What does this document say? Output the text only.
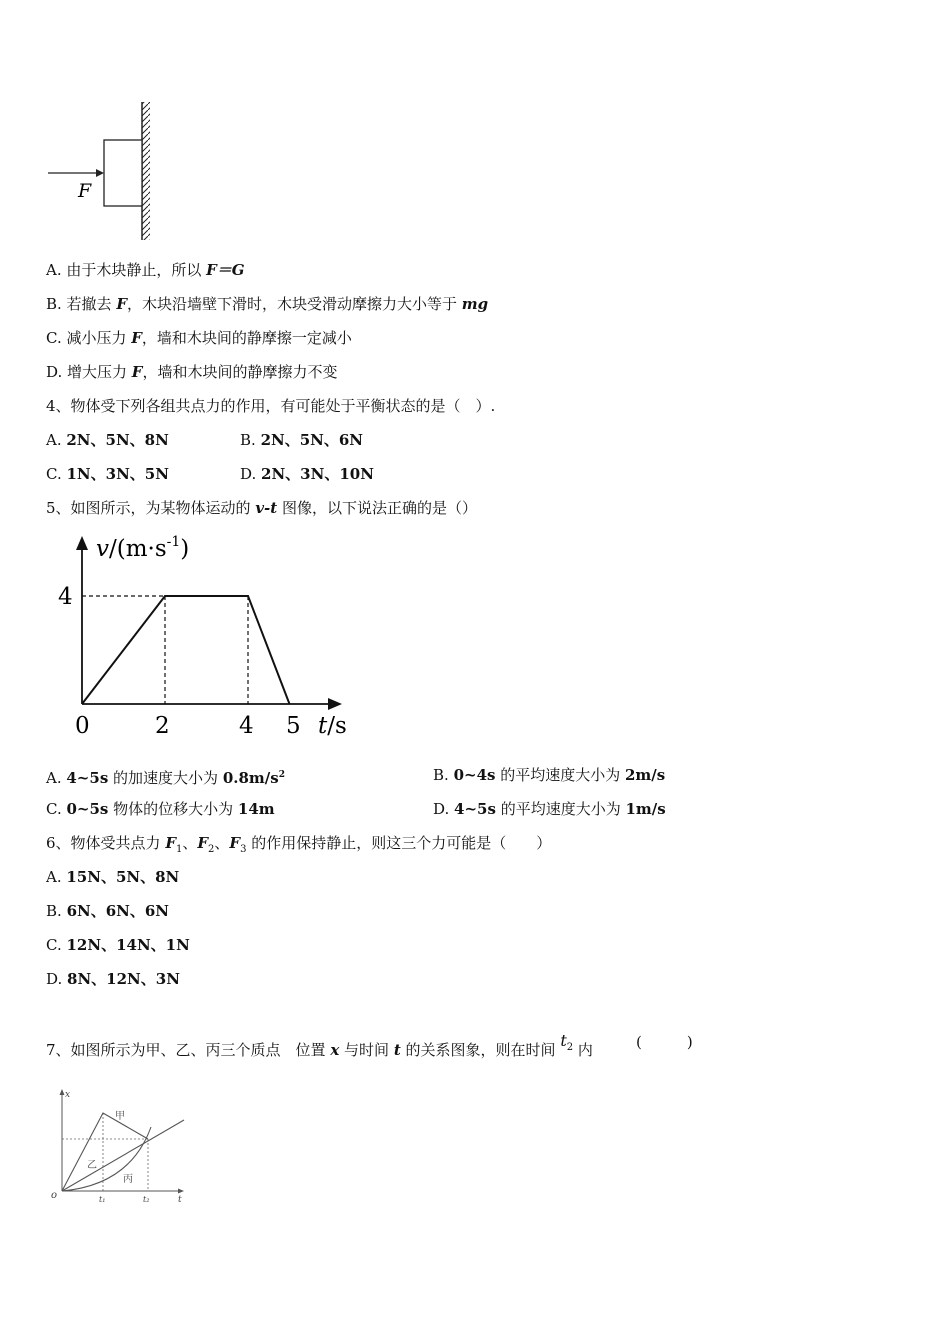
F
A. 由于木块静止，所以 F＝G
B. 若撤去 F，木块沿墙壁下滑时，木块受滑动摩擦力大小等于 mg
C. 减小压力 F，墙和木块间的静摩擦一定减小
D. 增大压力 F，墙和木块间的静摩擦力不变
4、物体受下列各组共点力的作用，有可能处于平衡状态的是（　）.
A. 2N、5N、8N	B. 2N、5N、6N
C. 1N、3N、5N	D. 2N、3N、10N
5、如图所示，为某物体运动的 v-t 图像，以下说法正确的是（）
$v/(m\cdot s^{-1})$
t/s
4
0	2	4 5
A. 4~5s 的加速度大小为 $0.8m/s^2$	B. 0~4s 的平均速度大小为 2m/s
C. 0~5s 物体的位移大小为 14m	D. 4~5s 的平均速度大小为 1m/s
6、物体受共点力 $F_1$、$F_2$、$F_3$ 的作用保持静止，则这三个力可能是（　　）
A. 15N、5N、8N
B. 6N、6N、6N
C. 12N、14N、1N
D. 8N、12N、3N
7、如图所示为甲、乙、丙三个质点　位置 x 与时间 t 的关系图象，则在时间 $t_2$ 内	(　　　)
x
t
o
甲
乙
丙
t₁	t₂
